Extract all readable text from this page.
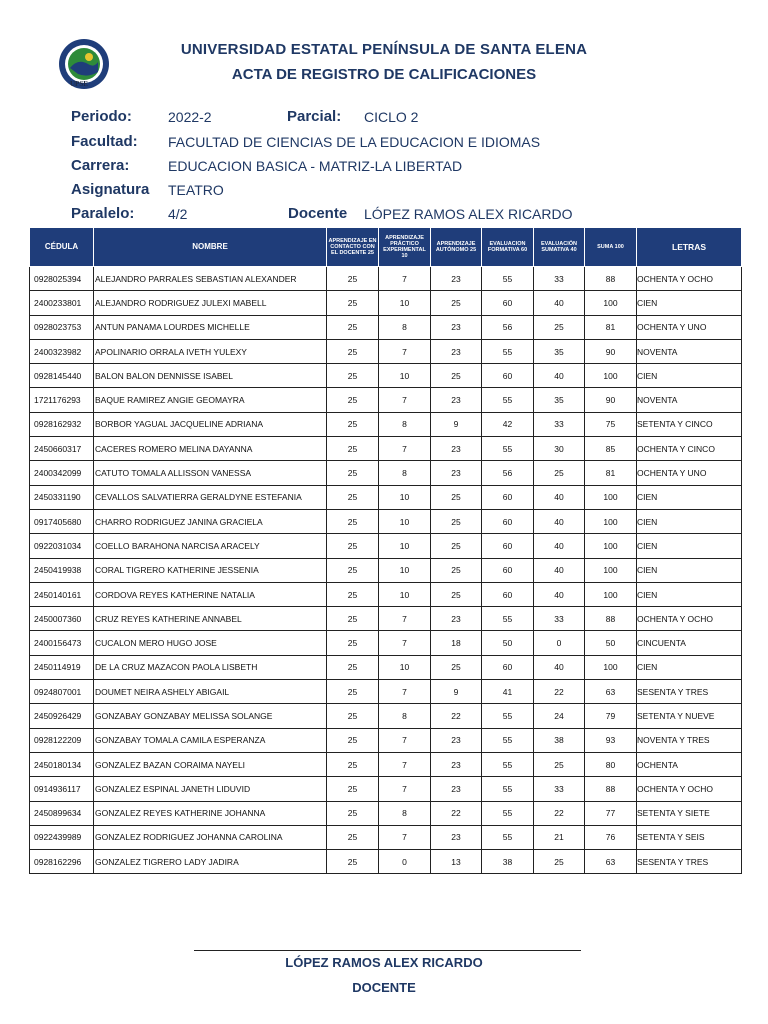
UPSE
UNIVERSIDAD ESTATAL PENÍNSULA DE SANTA ELENA
ACTA DE REGISTRO DE CALIFICACIONES
Periodo:	2022-2	Parcial: CICLO 2
Facultad: FACULTAD DE CIENCIAS DE LA EDUCACION E IDIOMAS
Carrera:	EDUCACION BASICA - MATRIZ-LA LIBERTAD
Asignatura TEATRO
Paralelo: 4/2	Docente LÓPEZ RAMOS ALEX RICARDO
CÉDULA	NOMBRE	APRENDIZAJE EN CONTACTO CON EL DOCENTE 25	APRENDIZAJE PRÁCTICO EXPERIMENTAL 10	APRENDIZAJE AUTÓNOMO 25	EVALUACION FORMATIVA 60	EVALUACIÓN SUMATIVA 40	SUMA 100	LETRAS
0928025394	ALEJANDRO PARRALES SEBASTIAN ALEXANDER	25	7	23	55	33	88	OCHENTA Y OCHO
2400233801	ALEJANDRO RODRIGUEZ JULEXI MABELL	25	10	25	60	40	100	CIEN
0928023753	ANTUN PANAMA LOURDES MICHELLE	25	8	23	56	25	81	OCHENTA Y UNO
2400323982	APOLINARIO ORRALA IVETH YULEXY	25	7	23	55	35	90	NOVENTA
0928145440	BALON BALON DENNISSE ISABEL	25	10	25	60	40	100	CIEN
1721176293	BAQUE RAMIREZ ANGIE GEOMAYRA	25	7	23	55	35	90	NOVENTA
0928162932	BORBOR YAGUAL JACQUELINE ADRIANA	25	8	9	42	33	75	SETENTA Y CINCO
2450660317	CACERES ROMERO MELINA DAYANNA	25	7	23	55	30	85	OCHENTA Y CINCO
2400342099	CATUTO TOMALA ALLISSON VANESSA	25	8	23	56	25	81	OCHENTA Y UNO
2450331190	CEVALLOS SALVATIERRA GERALDYNE ESTEFANIA	25	10	25	60	40	100	CIEN
0917405680	CHARRO RODRIGUEZ JANINA GRACIELA	25	10	25	60	40	100	CIEN
0922031034	COELLO BARAHONA NARCISA ARACELY	25	10	25	60	40	100	CIEN
2450419938	CORAL TIGRERO KATHERINE JESSENIA	25	10	25	60	40	100	CIEN
2450140161	CORDOVA REYES KATHERINE NATALIA	25	10	25	60	40	100	CIEN
2450007360	CRUZ REYES KATHERINE ANNABEL	25	7	23	55	33	88	OCHENTA Y OCHO
2400156473	CUCALON MERO HUGO JOSE	25	7	18	50	0	50	CINCUENTA
2450114919	DE LA CRUZ MAZACON PAOLA LISBETH	25	10	25	60	40	100	CIEN
0924807001	DOUMET NEIRA ASHELY ABIGAIL	25	7	9	41	22	63	SESENTA Y TRES
2450926429	GONZABAY GONZABAY MELISSA SOLANGE	25	8	22	55	24	79	SETENTA Y NUEVE
0928122209	GONZABAY TOMALA CAMILA ESPERANZA	25	7	23	55	38	93	NOVENTA Y TRES
2450180134	GONZALEZ BAZAN CORAIMA NAYELI	25	7	23	55	25	80	OCHENTA
0914936117	GONZALEZ ESPINAL JANETH LIDUVID	25	7	23	55	33	88	OCHENTA Y OCHO
2450899634	GONZALEZ REYES KATHERINE JOHANNA	25	8	22	55	22	77	SETENTA Y SIETE
0922439989	GONZALEZ RODRIGUEZ JOHANNA CAROLINA	25	7	23	55	21	76	SETENTA Y SEIS
0928162296	GONZALEZ TIGRERO LADY JADIRA	25	0	13	38	25	63	SESENTA Y TRES
LÓPEZ RAMOS ALEX RICARDO
DOCENTE
